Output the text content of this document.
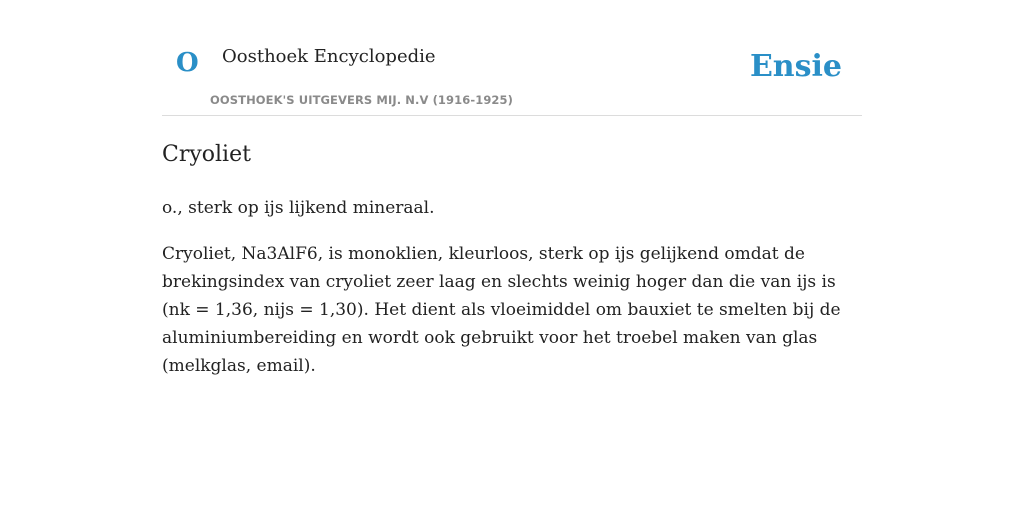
O Oosthoek Encyclopedie
OOSTHOEK'S UITGEVERS MIJ. N.V (1916-1925)
Ensie
Cryoliet

o., sterk op ijs lijkend mineraal.

Cryoliet, Na3AlF6, is monoklien, kleurloos, sterk op ijs gelijkend omdat de brekingsindex van cryoliet zeer laag en slechts weinig hoger dan die van ijs is (nk = 1,36, nijs = 1,30). Het dient als vloeimiddel om bauxiet te smelten bij de aluminiumbereiding en wordt ook gebruikt voor het troebel maken van glas (melkglas, email).
